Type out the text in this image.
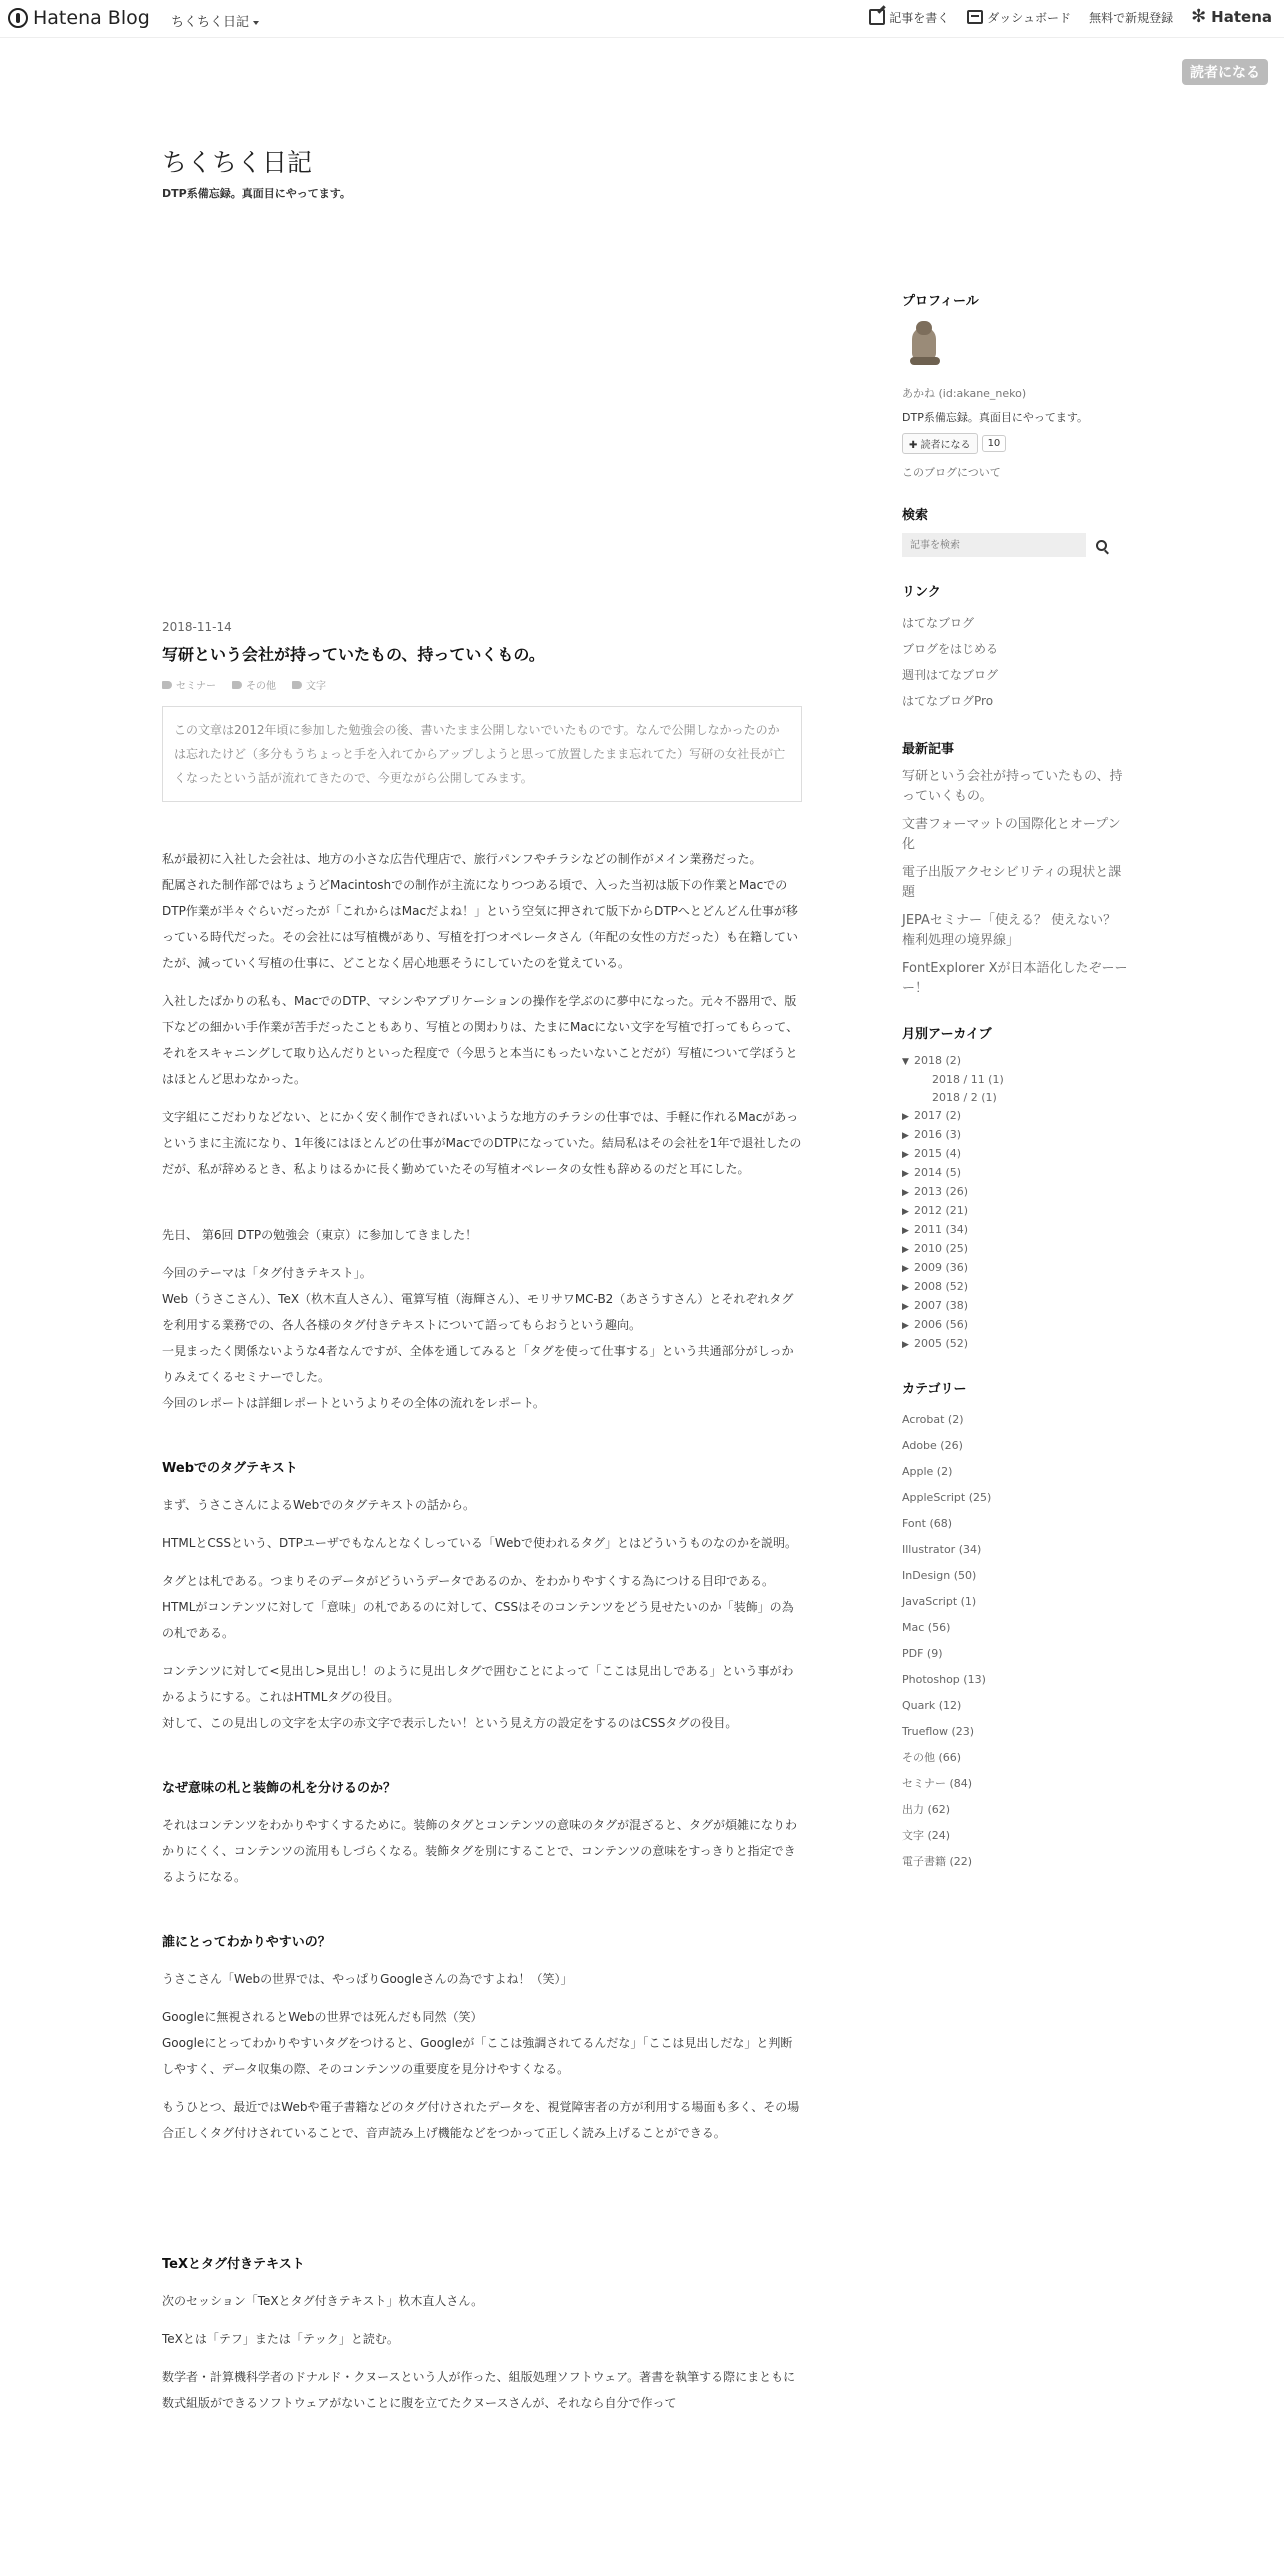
Hatena Blog ちくちく日記	記事を書く	ダッシュボード 無料で新規登録 ✻ Hatena
読者になる
ちくちく日記

DTP系備忘録。真面目にやってます。

2018-11-14
写研という会社が持っていたもの、持っていくもの。
セミナー	その他	文字
この文章は2012年頃に参加した勉強会の後、書いたまま公開しないでいたものです。なんで公開しなかったのかは忘れたけど（多分もうちょっと手を入れてからアップしようと思って放置したまま忘れてた）写研の女社長が亡くなったという話が流れてきたので、今更ながら公開してみます。

私が最初に入社した会社は、地方の小さな広告代理店で、旅行パンフやチラシなどの制作がメイン業務だった。
配属された制作部ではちょうどMacintoshでの制作が主流になりつつある頃で、入った当初は版下の作業とMacでのDTP作業が半々ぐらいだったが「これからはMacだよね！」という空気に押されて版下からDTPへとどんどん仕事が移っている時代だった。その会社には写植機があり、写植を打つオペレータさん（年配の女性の方だった）も在籍していたが、減っていく写植の仕事に、どことなく居心地悪そうにしていたのを覚えている。

入社したばかりの私も、MacでのDTP、マシンやアプリケーションの操作を学ぶのに夢中になった。元々不器用で、版下などの細かい手作業が苦手だったこともあり、写植との関わりは、たまにMacにない文字を写植で打ってもらって、それをスキャニングして取り込んだりといった程度で（今思うと本当にもったいないことだが）写植について学ぼうとはほとんど思わなかった。

文字組にこだわりなどない、とにかく安く制作できればいいような地方のチラシの仕事では、手軽に作れるMacがあっというまに主流になり、1年後にはほとんどの仕事がMacでのDTPになっていた。結局私はその会社を1年で退社したのだが、私が辞めるとき、私よりはるかに長く勤めていたその写植オペレータの女性も辞めるのだと耳にした。

先日、 第6回 DTPの勉強会（東京）に参加してきました！

今回のテーマは「タグ付きテキスト」。
Web（うさこさん）、TeX（杦木直人さん）、電算写植（海輝さん）、モリサワMC-B2（あさうすさん）とそれぞれタグを利用する業務での、各人各様のタグ付きテキストについて語ってもらおうという趣向。
一見まったく関係ないような4者なんですが、全体を通してみると「タグを使って仕事する」という共通部分がしっかりみえてくるセミナーでした。
今回のレポートは詳細レポートというよりその全体の流れをレポート。

Webでのタグテキスト

まず、うさこさんによるWebでのタグテキストの話から。

HTMLとCSSという、DTPユーザでもなんとなくしっている「Webで使われるタグ」とはどういうものなのかを説明。

タグとは札である。つまりそのデータがどういうデータであるのか、をわかりやすくする為につける目印である。
HTMLがコンテンツに対して「意味」の札であるのに対して、CSSはそのコンテンツをどう見せたいのか「装飾」の為の札である。

コンテンツに対して<見出し>見出し！のように見出しタグで囲むことによって「ここは見出しである」という事がわかるようにする。これはHTMLタグの役目。
対して、この見出しの文字を太字の赤文字で表示したい！という見え方の設定をするのはCSSタグの役目。

なぜ意味の札と装飾の札を分けるのか？

それはコンテンツをわかりやすくするために。装飾のタグとコンテンツの意味のタグが混ざると、タグが煩雑になりわかりにくく、コンテンツの流用もしづらくなる。装飾タグを別にすることで、コンテンツの意味をすっきりと指定できるようになる。

誰にとってわかりやすいの？

うさこさん「Webの世界では、やっぱりGoogleさんの為ですよね！（笑）」

Googleに無視されるとWebの世界では死んだも同然（笑）
Googleにとってわかりやすいタグをつけると、Googleが「ここは強調されてるんだな」「ここは見出しだな」と判断しやすく、データ収集の際、そのコンテンツの重要度を見分けやすくなる。

もうひとつ、最近ではWebや電子書籍などのタグ付けされたデータを、視覚障害者の方が利用する場面も多く、その場合正しくタグ付けされていることで、音声読み上げ機能などをつかって正しく読み上げることができる。

TeXとタグ付きテキスト

次のセッション「TeXとタグ付きテキスト」杦木直人さん。

TeXとは「テフ」または「テック」と読む。

数学者・計算機科学者のドナルド・クヌースという人が作った、組版処理ソフトウェア。著書を執筆する際にまともに数式組版ができるソフトウェアがないことに腹を立てたクヌースさんが、それなら自分で作って

プロフィール
あかね (id:akane_neko)
DTP系備忘録。真面目にやってます。
✚ 読者になる	10
このブログについて
検索
記事を検索
リンク
はてなブログ
ブログをはじめる
週刊はてなブログ
はてなブログPro
最新記事
写研という会社が持っていたもの、持っていくもの。
文書フォーマットの国際化とオープン化
電子出版アクセシビリティの現状と課題
JEPAセミナー「使える？ 使えない？ 権利処理の境界線」
FontExplorer Xが日本語化したぞーーー！
月別アーカイブ
▼ 2018 (2)
2018 / 11 (1)
2018 / 2 (1)
▶ 2017 (2)
▶ 2016 (3)
▶ 2015 (4)
▶ 2014 (5)
▶ 2013 (26)
▶ 2012 (21)
▶ 2011 (34)
▶ 2010 (25)
▶ 2009 (36)
▶ 2008 (52)
▶ 2007 (38)
▶ 2006 (56)
▶ 2005 (52)
カテゴリー
Acrobat (2)
Adobe (26)
Apple (2)
AppleScript (25)
Font (68)
Illustrator (34)
InDesign (50)
JavaScript (1)
Mac (56)
PDF (9)
Photoshop (13)
Quark (12)
Trueflow (23)
その他 (66)
セミナー (84)
出力 (62)
文字 (24)
電子書籍 (22)
